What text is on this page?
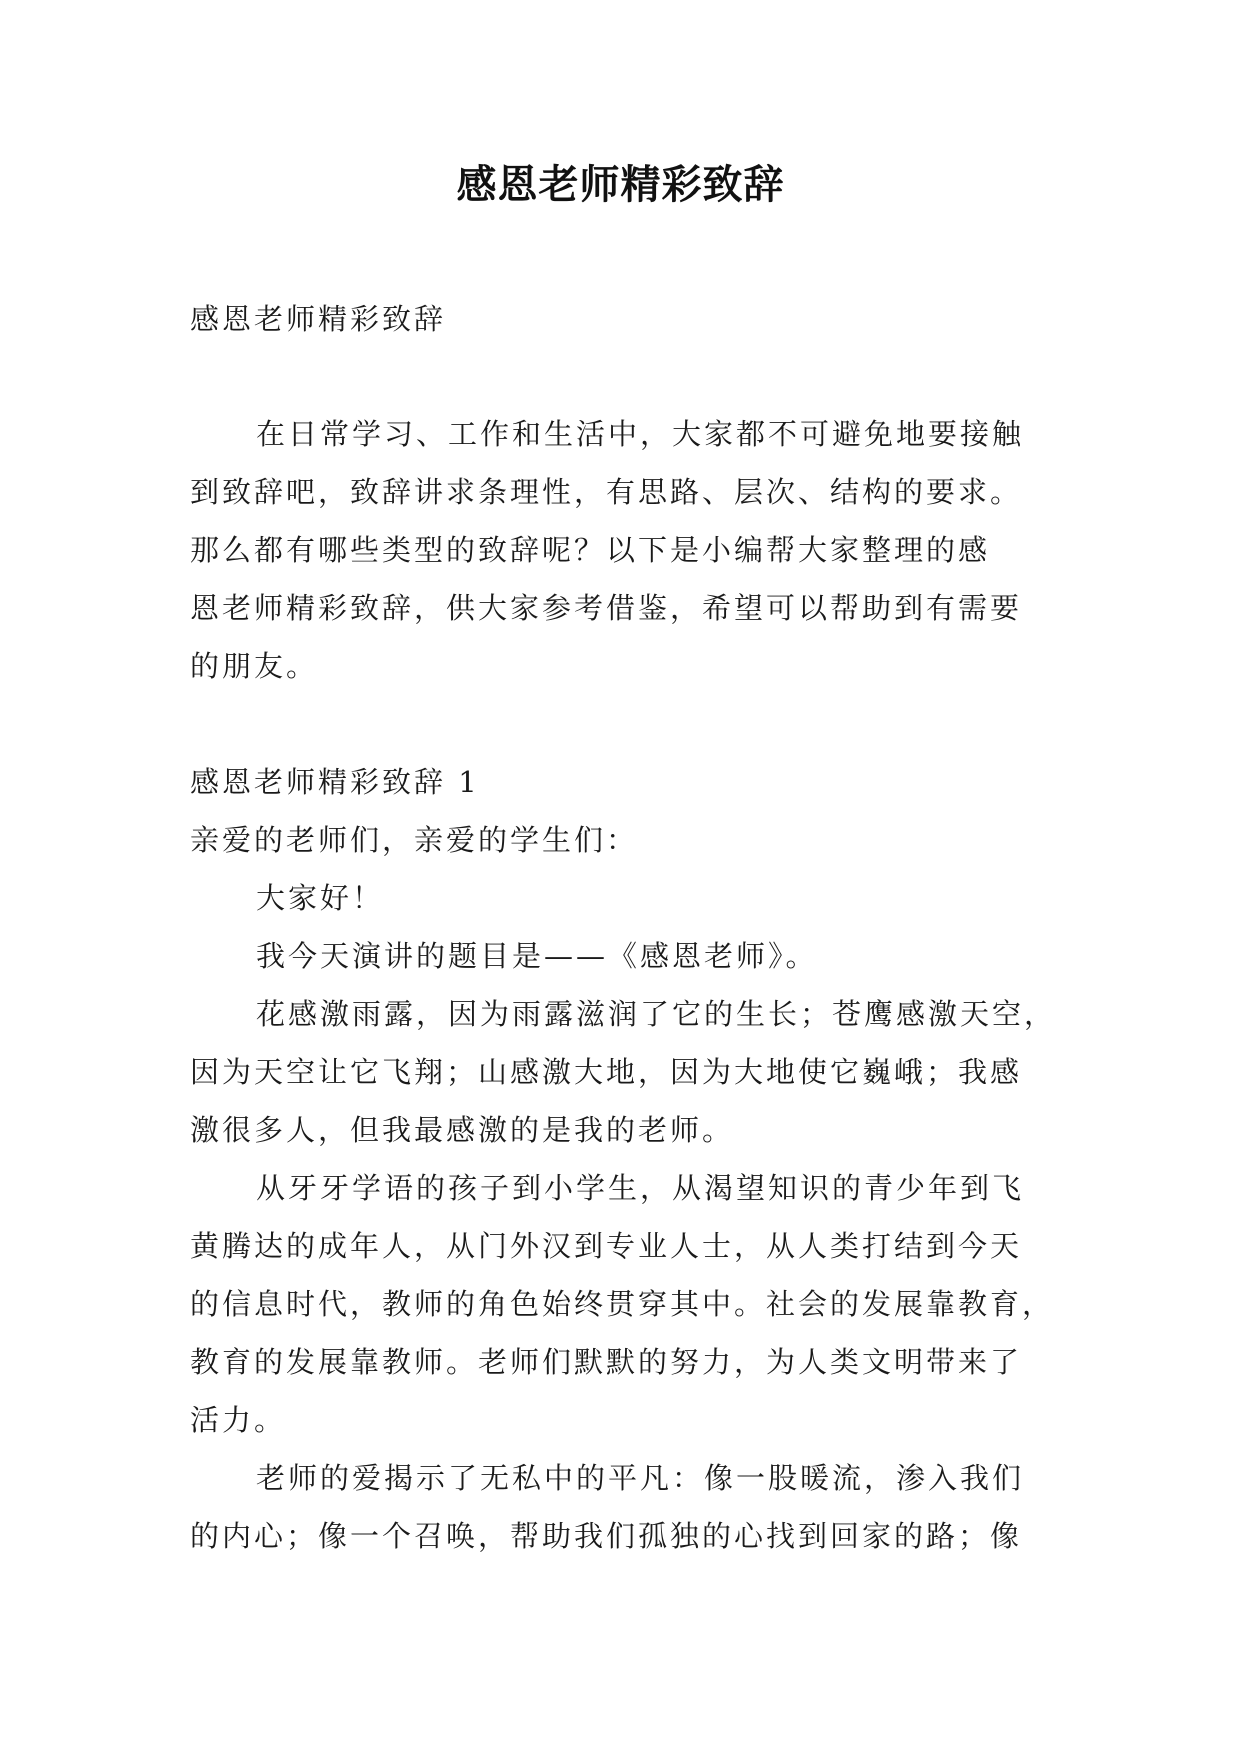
感恩老师精彩致辞

感恩老师精彩致辞

在日常学习、工作和生活中，大家都不可避免地要接触

到致辞吧，致辞讲求条理性，有思路、层次、结构的要求。

那么都有哪些类型的致辞呢？以下是小编帮大家整理的感

恩老师精彩致辞，供大家参考借鉴，希望可以帮助到有需要

的朋友。

感恩老师精彩致辞 1

亲爱的老师们，亲爱的学生们：

大家好！

我今天演讲的题目是——《感恩老师》。

花感激雨露，因为雨露滋润了它的生长；苍鹰感激天空，

因为天空让它飞翔；山感激大地，因为大地使它巍峨；我感

激很多人，但我最感激的是我的老师。

从牙牙学语的孩子到小学生，从渴望知识的青少年到飞

黄腾达的成年人，从门外汉到专业人士，从人类打结到今天

的信息时代，教师的角色始终贯穿其中。社会的发展靠教育，

教育的发展靠教师。老师们默默的努力，为人类文明带来了

活力。

老师的爱揭示了无私中的平凡：像一股暖流，渗入我们

的内心；像一个召唤，帮助我们孤独的心找到回家的路；像
